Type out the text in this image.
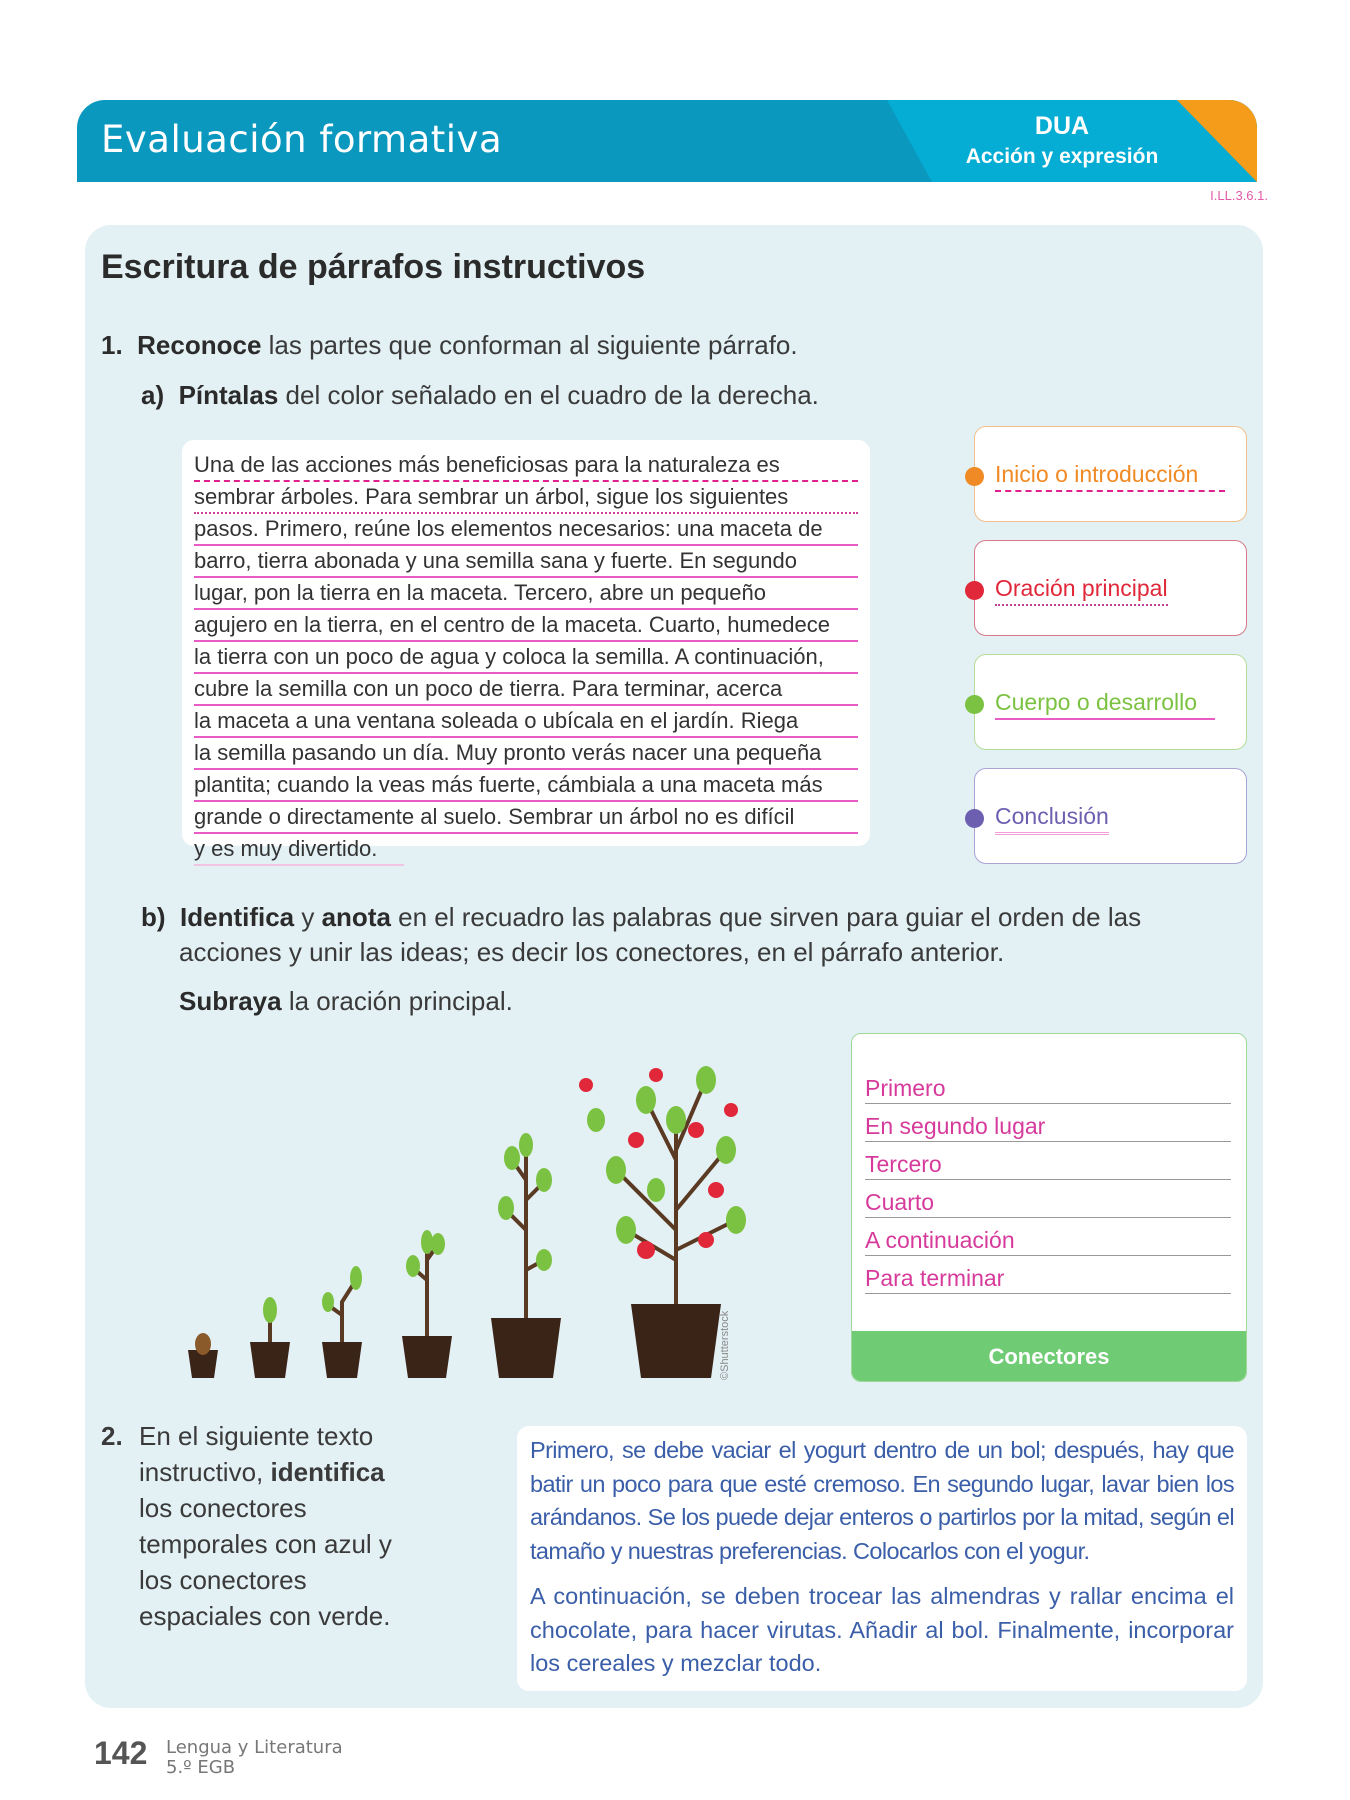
Evaluación formativa	DUA
Acción y expresión
I.LL.3.6.1.
Escritura de párrafos instructivos
1. Reconoce las partes que conforman al siguiente párrafo.
a) Píntalas del color señalado en el cuadro de la derecha.
Una de las acciones más beneficiosas para la naturaleza es
sembrar árboles. Para sembrar un árbol, sigue los siguientes
pasos. Primero, reúne los elementos necesarios: una maceta de
barro, tierra abonada y una semilla sana y fuerte. En segundo
lugar, pon la tierra en la maceta. Tercero, abre un pequeño
agujero en la tierra, en el centro de la maceta. Cuarto, humedece
la tierra con un poco de agua y coloca la semilla. A continuación,
cubre la semilla con un poco de tierra. Para terminar, acerca
la maceta a una ventana soleada o ubícala en el jardín. Riega
la semilla pasando un día. Muy pronto verás nacer una pequeña
plantita; cuando la veas más fuerte, cámbiala a una maceta más
grande o directamente al suelo. Sembrar un árbol no es difícil
y es muy divertido.
Inicio o introducción
Oración principal
Cuerpo o desarrollo
Conclusión
b) Identifica y anota en el recuadro las palabras que sirven para guiar el orden de las
acciones y unir las ideas; es decir los conectores, en el párrafo anterior.
Subraya la oración principal.
©Shutterstock
Primero
En segundo lugar
Tercero
Cuarto
A continuación
Para terminar
Conectores
2. En el siguiente texto instructivo, identifica los conectores temporales con azul y los conectores espaciales con verde.

Primero, se debe vaciar el yogurt dentro de un bol; después, hay que batir un poco para que esté cremoso. En segundo lugar, lavar bien los arándanos. Se los puede dejar enteros o partirlos por la mitad, según el tamaño y nuestras preferencias. Colocarlos con el yogur.

A continuación, se deben trocear las almendras y rallar encima el chocolate, para hacer virutas. Añadir al bol. Finalmente, incorporar los cereales y mezclar todo.

142 Lengua y Literatura
5.º EGB
